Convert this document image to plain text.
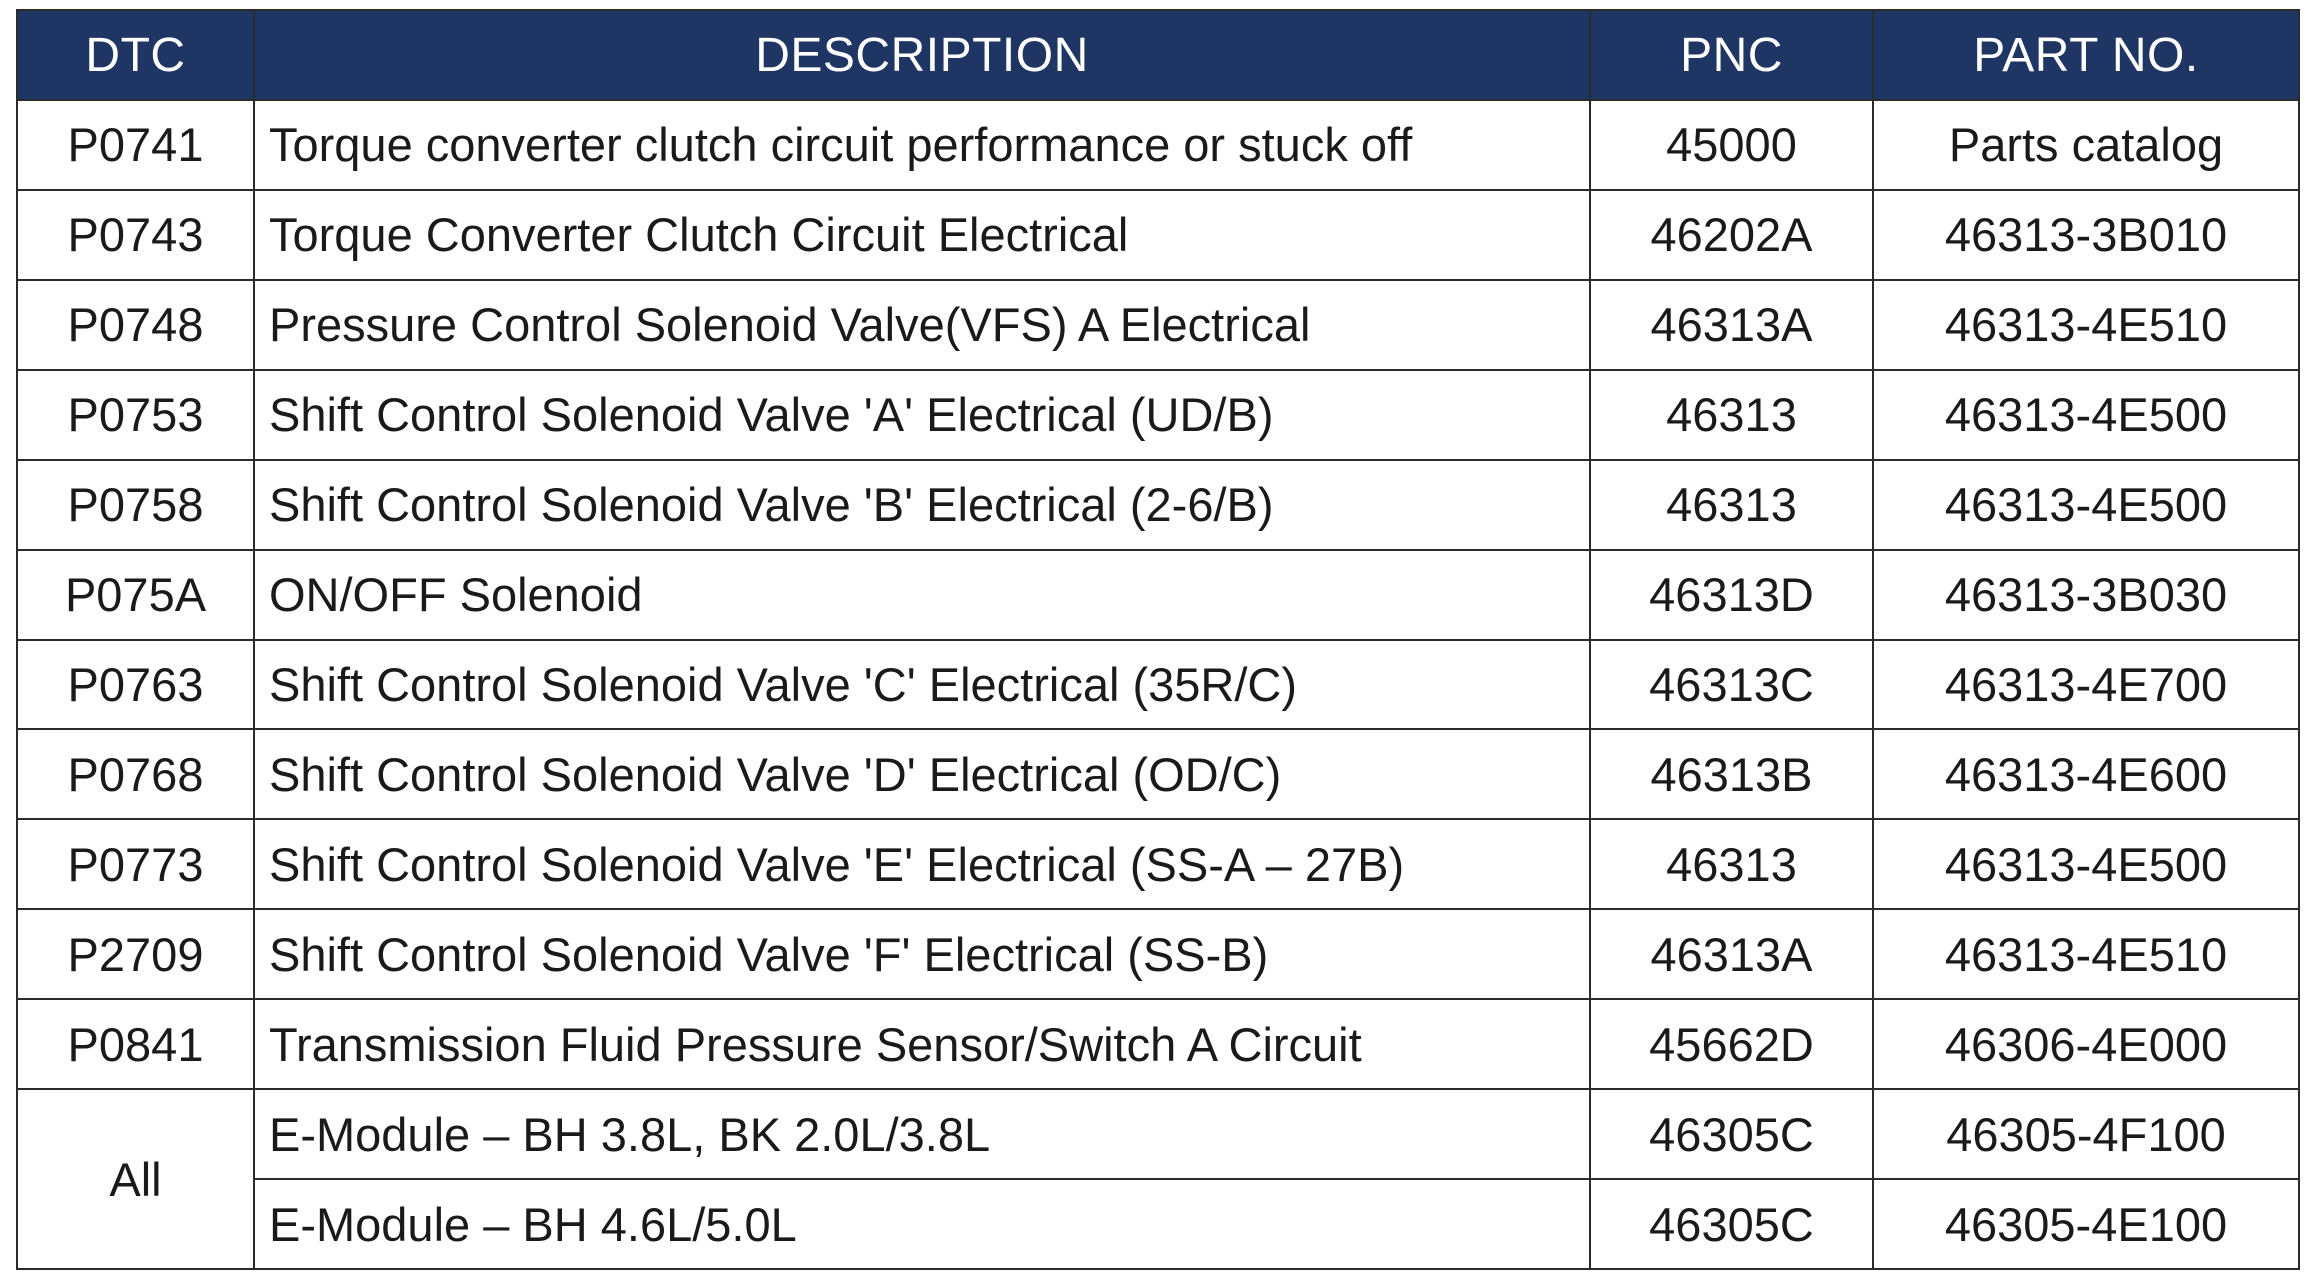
DTC	DESCRIPTION	PNC	PART NO.
P0741	Torque converter clutch circuit performance or stuck off	45000	Parts catalog
P0743	Torque Converter Clutch Circuit Electrical	46202A	46313-3B010
P0748	Pressure Control Solenoid Valve(VFS) A Electrical	46313A	46313-4E510
P0753	Shift Control Solenoid Valve 'A' Electrical (UD/B)	46313	46313-4E500
P0758	Shift Control Solenoid Valve 'B' Electrical (2-6/B)	46313	46313-4E500
P075A	ON/OFF Solenoid	46313D	46313-3B030
P0763	Shift Control Solenoid Valve 'C' Electrical (35R/C)	46313C	46313-4E700
P0768	Shift Control Solenoid Valve 'D' Electrical (OD/C)	46313B	46313-4E600
P0773	Shift Control Solenoid Valve 'E' Electrical (SS-A – 27B)	46313	46313-4E500
P2709	Shift Control Solenoid Valve 'F' Electrical (SS-B)	46313A	46313-4E510
P0841	Transmission Fluid Pressure Sensor/Switch A Circuit	45662D	46306-4E000
All	E-Module – BH 3.8L, BK 2.0L/3.8L	46305C	46305-4F100
	E-Module – BH 4.6L/5.0L	46305C	46305-4E100
